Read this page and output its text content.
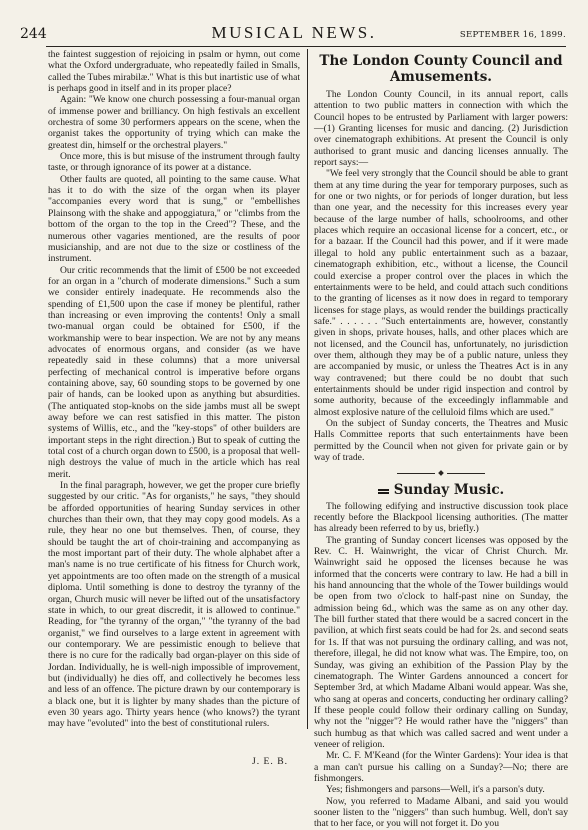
244	MUSICAL NEWS.	SEPTEMBER 16, 1899.

the faintest suggestion of rejoicing in psalm or hymn, out come what the Oxford undergraduate, who repeatedly failed in Smalls, called the Tubes mirabilæ." What is this but inartistic use of what is perhaps good in itself and in its proper place?

Again: "We know one church possessing a four-manual organ of immense power and brilliancy. On high festivals an excellent orchestra of some 30 performers appears on the scene, when the organist takes the opportunity of trying which can make the greatest din, himself or the orchestral players."

Once more, this is but misuse of the instrument through faulty taste, or through ignorance of its power at a distance.

Other faults are quoted, all pointing to the same cause. What has it to do with the size of the organ when its player "accompanies every word that is sung," or "embellishes Plainsong with the shake and appoggiatura," or "climbs from the bottom of the organ to the top in the Creed"? These, and the numerous other vagaries mentioned, are the results of poor musicianship, and are not due to the size or costliness of the instrument.

Our critic recommends that the limit of £500 be not exceeded for an organ in a "church of moderate dimensions." Such a sum we consider entirely inadequate. He recommends also the spending of £1,500 upon the case if money be plentiful, rather than increasing or even improving the contents! Only a small two-manual organ could be obtained for £500, if the workmanship were to bear inspection. We are not by any means advocates of enormous organs, and consider (as we have repeatedly said in these columns) that a more universal perfecting of mechanical control is imperative before organs containing above, say, 60 sounding stops to be governed by one pair of hands, can be looked upon as anything but absurdities. (The antiquated stop-knobs on the side jambs must all be swept away before we can rest satisfied in this matter. The piston systems of Willis, etc., and the "key-stops" of other builders are important steps in the right direction.) But to speak of cutting the total cost of a church organ down to £500, is a proposal that well-nigh destroys the value of much in the article which has real merit.

In the final paragraph, however, we get the proper cure briefly suggested by our critic. "As for organists," he says, "they should be afforded opportunities of hearing Sunday services in other churches than their own, that they may copy good models. As a rule, they hear no one but themselves. Then, of course, they should be taught the art of choir-training and accompanying as the most important part of their duty. The whole alphabet after a man's name is no true certificate of his fitness for Church work, yet appointments are too often made on the strength of a musical diploma. Until something is done to destroy the tyranny of the organ, Church music will never be lifted out of the unsatisfactory state in which, to our great discredit, it is allowed to continue." Reading, for "the tyranny of the organ," "the tyranny of the bad organist," we find ourselves to a large extent in agreement with our contemporary. We are pessimistic enough to believe that there is no cure for the radically bad organ-player on this side of Jordan. Individually, he is well-nigh impossible of improvement, but (individually) he dies off, and collectively he becomes less and less of an offence. The picture drawn by our contemporary is a black one, but it is lighter by many shades than the picture of even 30 years ago. Thirty years hence (who knows?) the tyrant may have "evoluted" into the best of constitutional rulers.

J. E. B.

The London County Council and
Amusements.

The London County Council, in its annual report, calls attention to two public matters in connection with which the Council hopes to be entrusted by Parliament with larger powers:—(1) Granting licenses for music and dancing. (2) Jurisdiction over cinematograph exhibitions. At present the Council is only authorised to grant music and dancing licenses annually. The report says:—

"We feel very strongly that the Council should be able to grant them at any time during the year for temporary purposes, such as for one or two nights, or for periods of longer duration, but less than one year, and the necessity for this increases every year because of the large number of halls, schoolrooms, and other places which require an occasional license for a concert, etc., or for a bazaar. If the Council had this power, and if it were made illegal to hold any public entertainment such as a bazaar, cinematograph exhibition, etc., without a license, the Council could exercise a proper control over the places in which the entertainments were to be held, and could attach such conditions to the granting of licenses as it now does in regard to temporary licenses for stage plays, as would render the buildings practically safe." . . . . . . "Such entertainments are, however, constantly given in shops, private houses, halls, and other places which are not licensed, and the Council has, unfortunately, no jurisdiction over them, although they may be of a public nature, unless they are accompanied by music, or unless the Theatres Act is in any way contravened; but there could be no doubt that such entertainments should be under rigid inspection and control by some authority, because of the exceedingly inflammable and almost explosive nature of the celluloid films which are used."

On the subject of Sunday concerts, the Theatres and Music Halls Committee reports that such entertainments have been permitted by the Council when not given for private gain or by way of trade.

Sunday Music.

The following edifying and instructive discussion took place recently before the Blackpool licensing authorities. (The matter has already been referred to by us, briefly.)

The granting of Sunday concert licenses was opposed by the Rev. C. H. Wainwright, the vicar of Christ Church. Mr. Wainwright said he opposed the licenses because he was informed that the concerts were contrary to law. He had a bill in his hand announcing that the whole of the Tower buildings would be open from two o'clock to half-past nine on Sunday, the admission being 6d., which was the same as on any other day. The bill further stated that there would be a sacred concert in the pavilion, at which first seats could be had for 2s. and second seats for 1s. If that was not pursuing the ordinary calling, and was not, therefore, illegal, he did not know what was. The Empire, too, on Sunday, was giving an exhibition of the Passion Play by the cinematograph. The Winter Gardens announced a concert for September 3rd, at which Madame Albani would appear. Was she, who sang at operas and concerts, conducting her ordinary calling? If these people could follow their ordinary calling on Sunday, why not the "nigger"? He would rather have the "niggers" than such humbug as that which was called sacred and went under a veneer of religion.

Mr. C. F. M'Keand (for the Winter Gardens): Your idea is that a man can't pursue his calling on a Sunday?—No; there are fishmongers.

Yes; fishmongers and parsons—Well, it's a parson's duty.

Now, you referred to Madame Albani, and said you would sooner listen to the "niggers" than such humbug. Well, don't say that to her face, or you will not forget it. Do you
